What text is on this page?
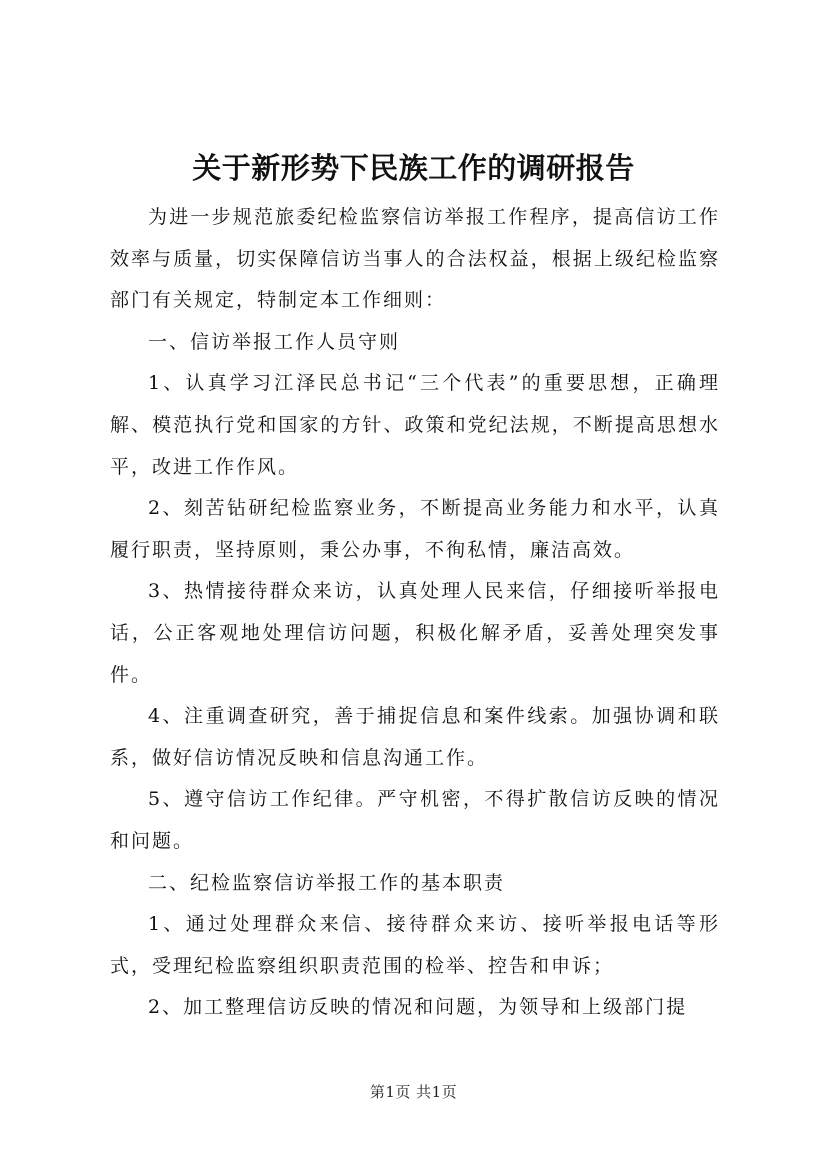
关于新形势下民族工作的调研报告

为进一步规范旅委纪检监察信访举报工作程序，提高信访工作效率与质量，切实保障信访当事人的合法权益，根据上级纪检监察部门有关规定，特制定本工作细则：

一、信访举报工作人员守则

1、认真学习江泽民总书记“三个代表”的重要思想，正确理解、模范执行党和国家的方针、政策和党纪法规，不断提高思想水平，改进工作作风。

2、刻苦钻研纪检监察业务，不断提高业务能力和水平，认真履行职责，坚持原则，秉公办事，不徇私情，廉洁高效。

3、热情接待群众来访，认真处理人民来信，仔细接听举报电话，公正客观地处理信访问题，积极化解矛盾，妥善处理突发事件。

4、注重调查研究，善于捕捉信息和案件线索。加强协调和联系，做好信访情况反映和信息沟通工作。

5、遵守信访工作纪律。严守机密，不得扩散信访反映的情况和问题。

二、纪检监察信访举报工作的基本职责

1、通过处理群众来信、接待群众来访、接听举报电话等形式，受理纪检监察组织职责范围的检举、控告和申诉；

2、加工整理信访反映的情况和问题，为领导和上级部门提

第1页 共1页
